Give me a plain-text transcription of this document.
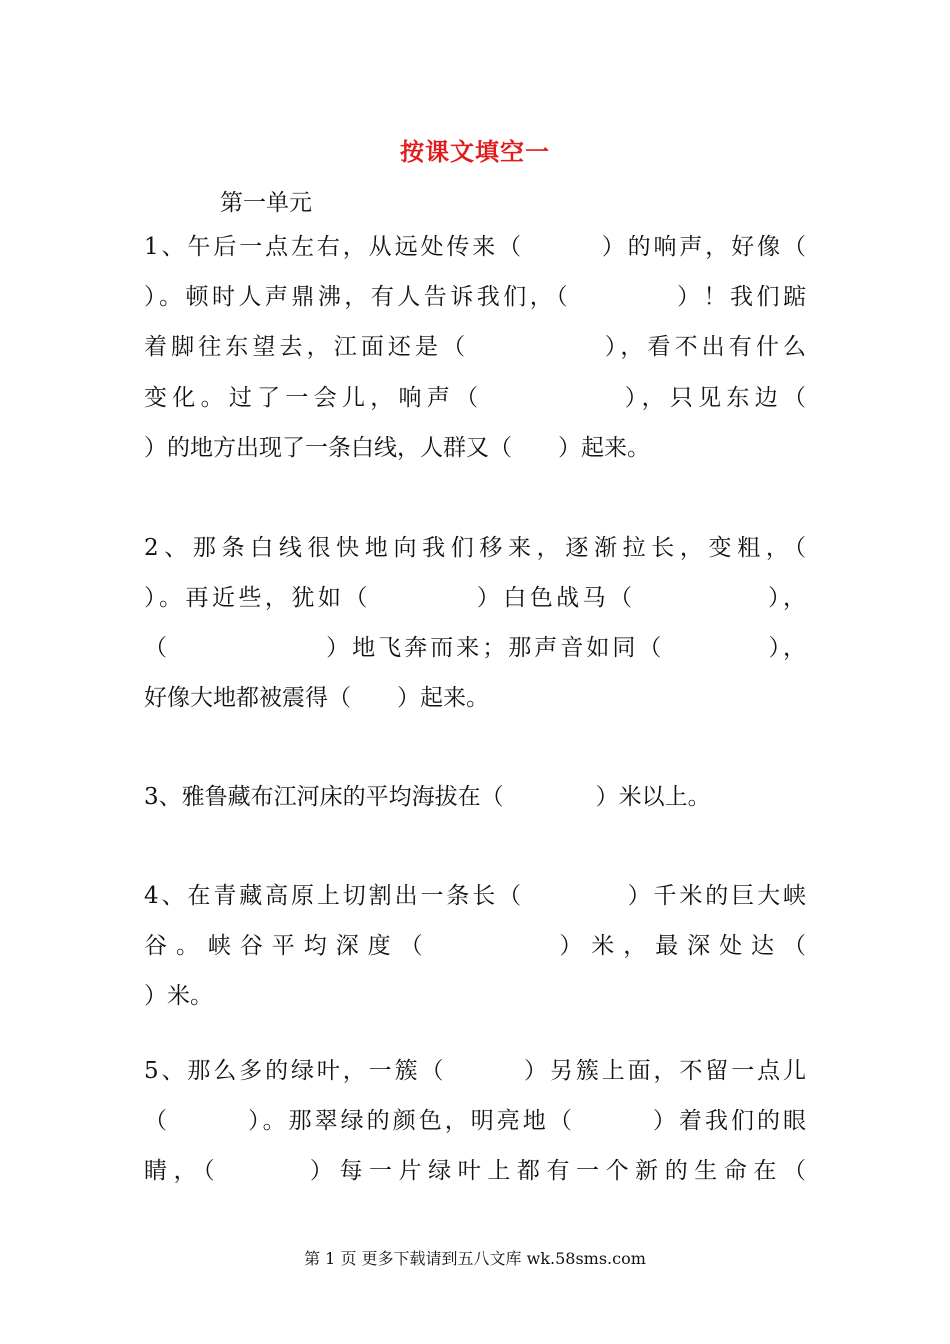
按课文填空一
第一单元
1、午后一点左右，从远处传来（　　　）的响声，好像（
）。顿时人声鼎沸，有人告诉我们，（　　　　）！我们踮
着脚往东望去，江面还是（　　　　　），看不出有什么
变化。过了一会儿，响声（　　　　　），只见东边（
）的地方出现了一条白线，人群又（　　）起来。
2、那条白线很快地向我们移来，逐渐拉长，变粗，（
）。再近些，犹如（　　　　）白色战马（　　　　　），
（　　　　　　）地飞奔而来；那声音如同（　　　　），
好像大地都被震得（　　）起来。
3、雅鲁藏布江河床的平均海拔在（　　　　）米以上。
4、在青藏高原上切割出一条长（　　　　）千米的巨大峡
谷。峡谷平均深度（　　　　）米，最深处达（
）米。
5、那么多的绿叶，一簇（　　　）另簇上面，不留一点儿
（　　　）。那翠绿的颜色，明亮地（　　　）着我们的眼
睛，（　　　）每一片绿叶上都有一个新的生命在（
第 1 页 更多下载请到五八文库 wk.58sms.com
